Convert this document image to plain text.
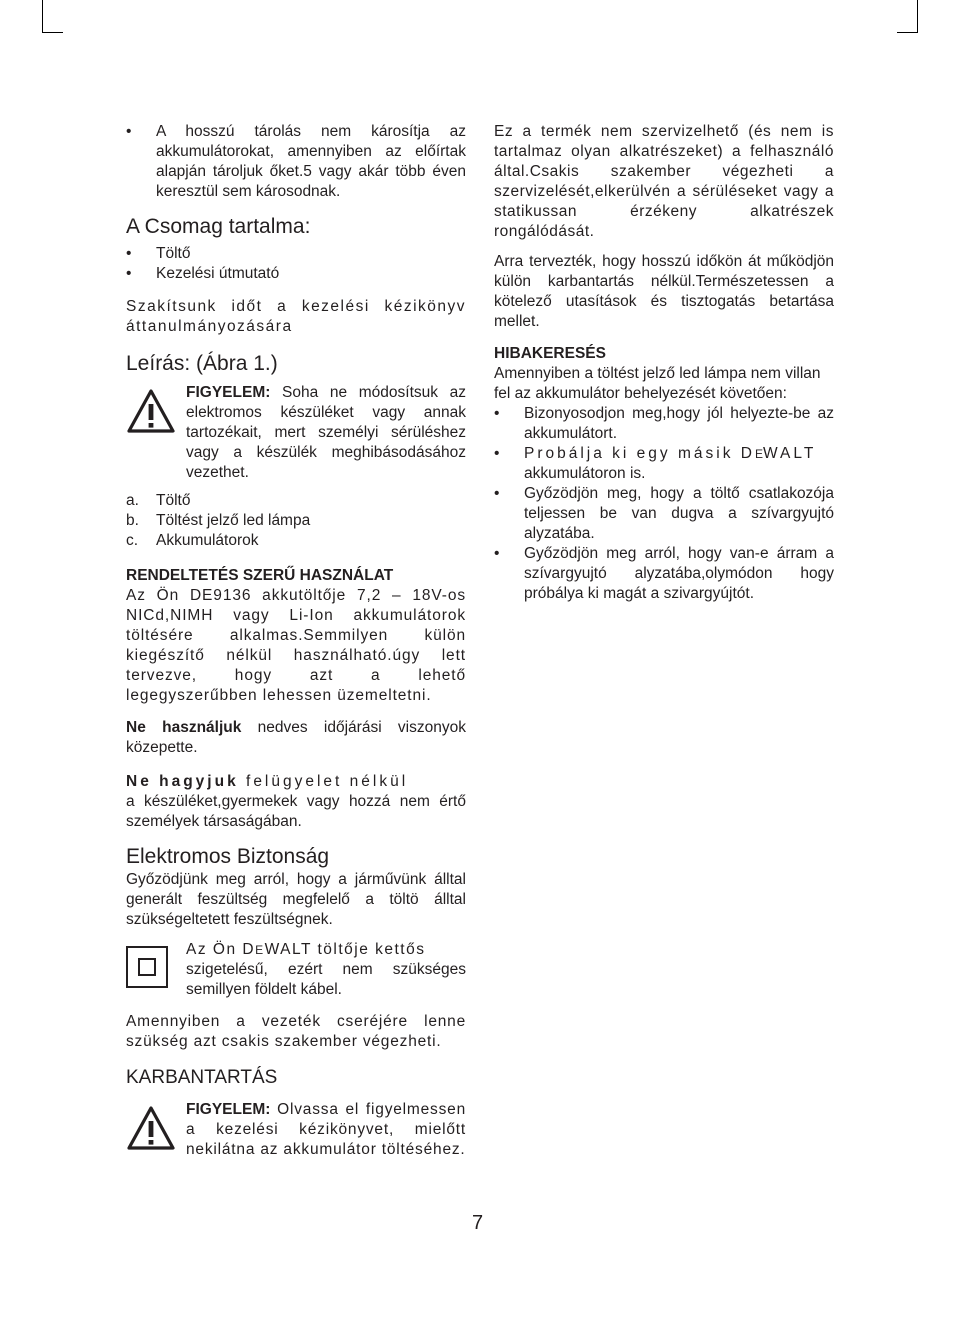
• A hosszú tárolás nem károsítja az akkumulátorokat, amennyiben az előírtak alapján tároljuk őket.5 vagy akár több éven keresztül sem károsodnak.

A Csomag tartalma:

• Töltő
• Kezelési útmutató

Szakítsunk időt a kezelési kézikönyv áttanulmányozására

Leírás: (Ábra 1.)

FIGYELEM: Soha ne módosítsuk az elektromos készüléket vagy annak tartozékait, mert személyi sérüléshez vagy a készülék meghibásodásához vezethet.
a. Töltő
b. Töltést jelző led lámpa
c. Akkumulátorok

RENDELTETÉS SZERŰ HASZNÁLAT

Az Ön DE9136 akkutöltője 7,2 – 18V-os NICd,NIMH vagy Li-Ion akkumulátorok töltésére alkalmas.Semmilyen külön kiegészítő nélkül használható.úgy lett tervezve, hogy azt a lehető legegyszerűbben lehessen üzemeltetni.

Ne használjuk nedves időjárási viszonyok közepette.

Ne hagyjuk felügyelet nélkül

a készüléket,gyermekek vagy hozzá nem értő személyek társaságában.

Elektromos Biztonság

Győzödjünk meg arról, hogy a járművünk álltal generált feszültség megfelelő a töltö álltal szükségeltetett feszültségnek.

Az Ön DEWALT töltője kettős

szigetelésű, ezért nem szükséges semillyen földelt kábel.

Amennyiben a vezeték cseréjére lenne szükség azt csakis szakember végezheti.

KARBANTARTÁS

FIGYELEM: Olvassa el figyelmessen a kezelési kézikönyvet, mielőtt nekilátna az akkumulátor töltéséhez.

Ez a termék nem szervizelhető (és nem is tartalmaz olyan alkatrészeket) a felhasználó által.Csakis szakember végezheti a szervizelését,elkerülvén a sérüléseket vagy a statikussan érzékeny alkatrészek rongálódását.

Arra tervezték, hogy hosszú időkön át működjön külön karbantartás nélkül.Természetessen a kötelező utasítások és tisztogatás betartása mellet.

HIBAKERESÉS

Amennyiben a töltést jelző led lámpa nem villan fel az akkumulátor behelyezését követően:

• Bizonyosodjon meg,hogy jól helyezte-be az akkumulátort.
• Probálja ki egy másik DEWALT
akkumulátoron is.
• Győzödjön meg, hogy a töltő csatlakozója teljessen be van dugva a szívargyujtó alyzatába.
• Győzödjön meg arról, hogy van-e árram a szívargyujtó alyzatába,olymódon hogy próbálya ki magát a szivargyújtót.
7
